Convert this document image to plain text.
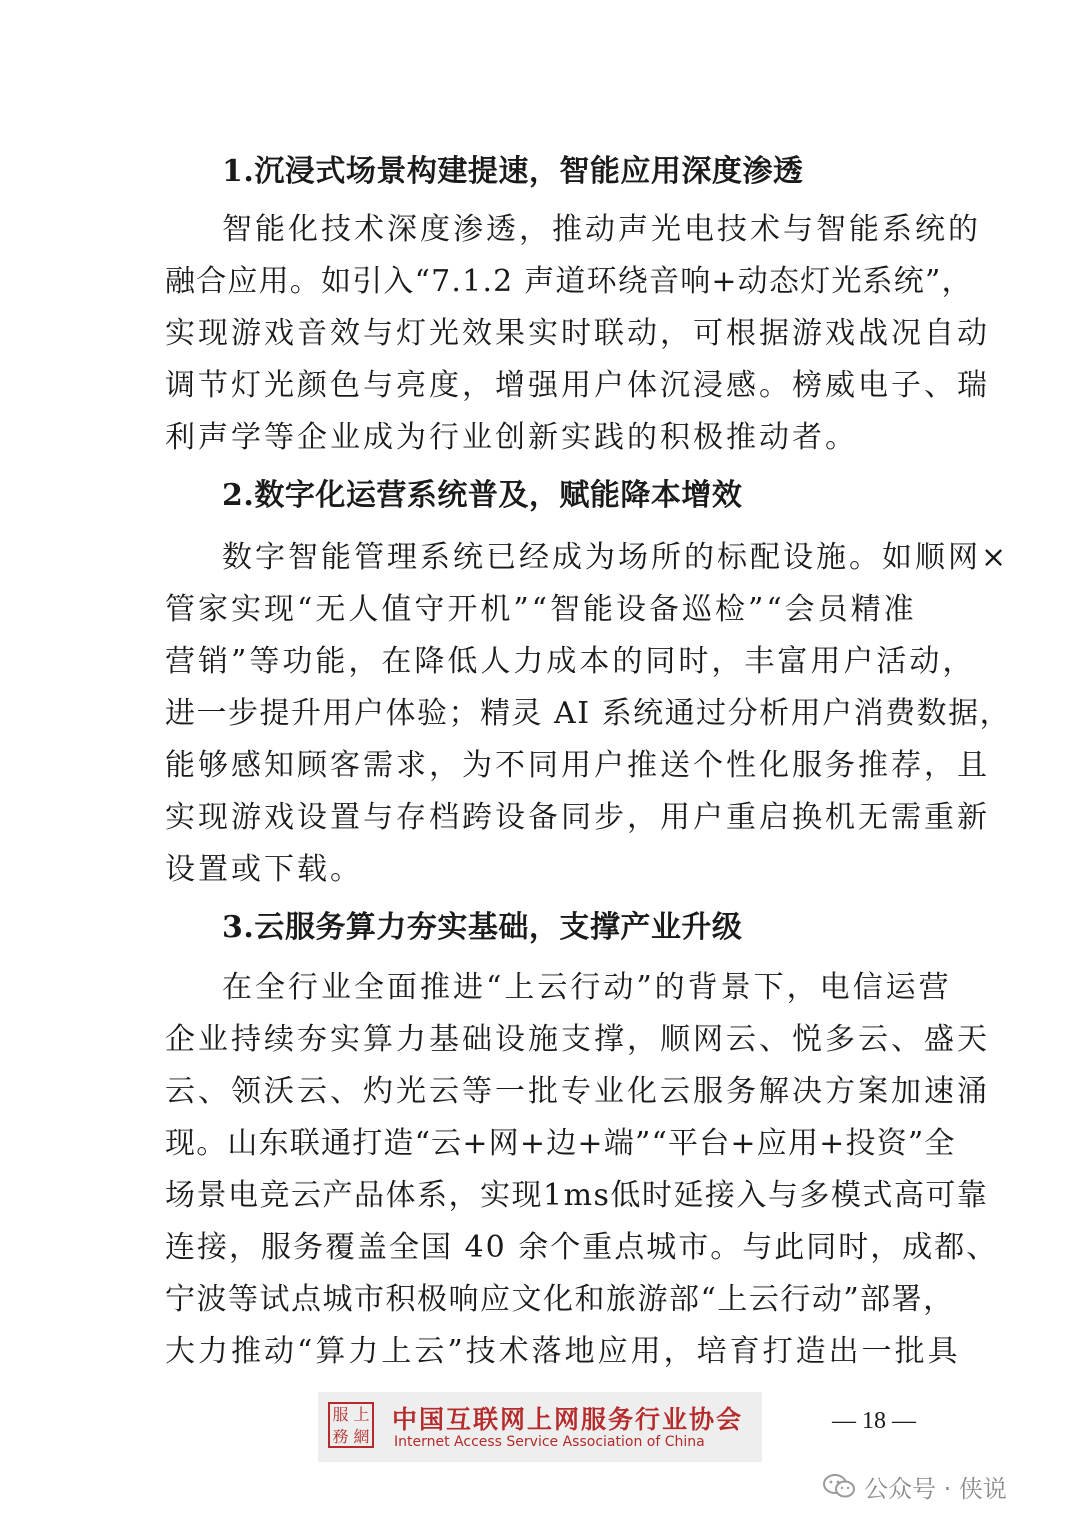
1.沉浸式场景构建提速，智能应用深度渗透
智能化技术深度渗透，推动声光电技术与智能系统的
融合应用。如引入“7.1.2 声道环绕音响+动态灯光系统”，
实现游戏音效与灯光效果实时联动，可根据游戏战况自动
调节灯光颜色与亮度，增强用户体沉浸感。榜威电子、瑞
利声学等企业成为行业创新实践的积极推动者。
2.数字化运营系统普及，赋能降本增效
数字智能管理系统已经成为场所的标配设施。如顺网×
管家实现“无人值守开机”“智能设备巡检”“会员精准
营销”等功能，在降低人力成本的同时，丰富用户活动，
进一步提升用户体验；精灵 AI 系统通过分析用户消费数据，
能够感知顾客需求，为不同用户推送个性化服务推荐，且
实现游戏设置与存档跨设备同步，用户重启换机无需重新
设置或下载。
3.云服务算力夯实基础，支撑产业升级
在全行业全面推进“上云行动”的背景下，电信运营
企业持续夯实算力基础设施支撑，顺网云、悦多云、盛天
云、领沃云、灼光云等一批专业化云服务解决方案加速涌
现。山东联通打造“云+网+边+端”“平台+应用+投资”全
场景电竞云产品体系，实现1ms低时延接入与多模式高可靠
连接，服务覆盖全国 40 余个重点城市。与此同时，成都、
宁波等试点城市积极响应文化和旅游部“上云行动”部署，
大力推动“算力上云”技术落地应用，培育打造出一批具
服 上
務 網
中国互联网上网服务行业协会
Internet Access Service Association of China
— 18 —
公众号 · 侠说
